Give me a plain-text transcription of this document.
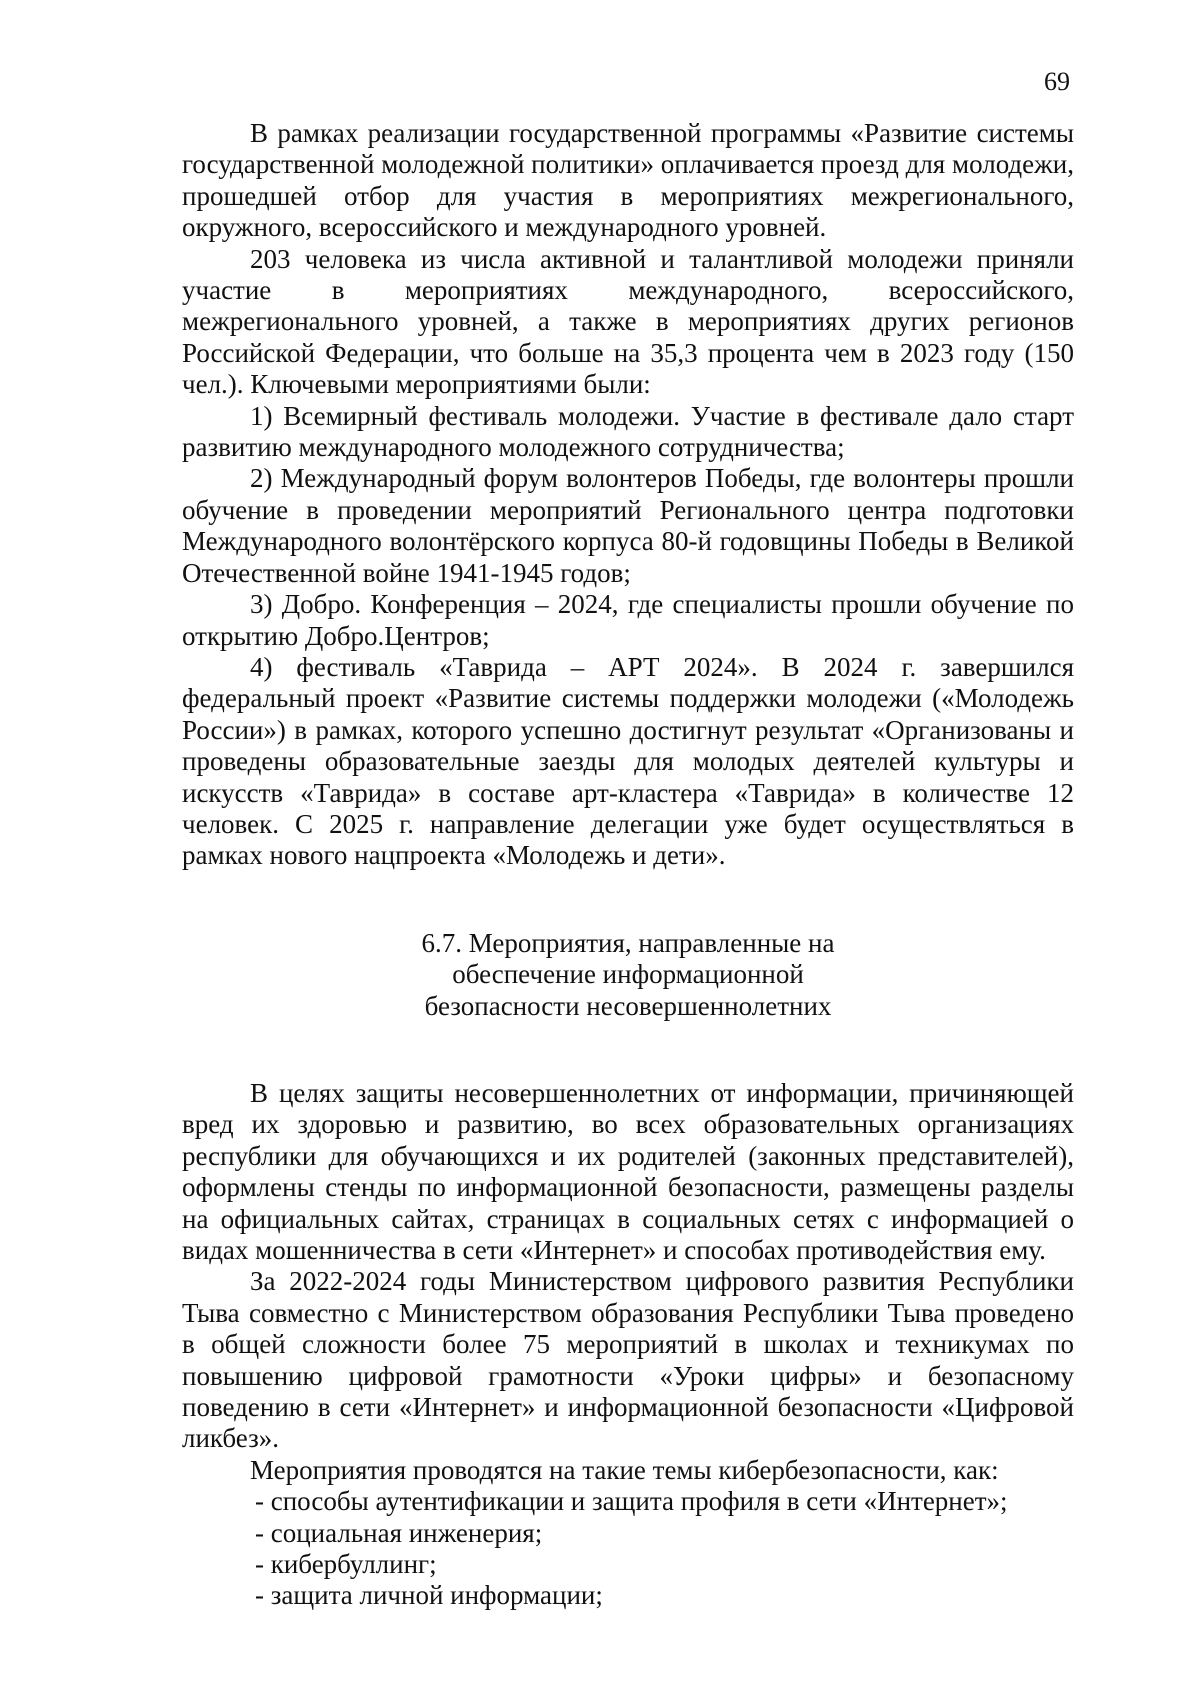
69

В рамках реализации государственной программы «Развитие системы государственной молодежной политики» оплачивается проезд для молодежи, прошедшей отбор для участия в мероприятиях межрегионального, окружного, всероссийского и международного уровней.

203 человека из числа активной и талантливой молодежи приняли участие в мероприятиях международного, всероссийского, межрегионального уровней, а также в мероприятиях других регионов Российской Федерации, что больше на 35,3 процента чем в 2023 году (150 чел.). Ключевыми мероприятиями были:

1) Всемирный фестиваль молодежи. Участие в фестивале дало старт развитию международного молодежного сотрудничества;

2) Международный форум волонтеров Победы, где волонтеры прошли обучение в проведении мероприятий Регионального центра подготовки Международного волонтёрского корпуса 80-й годовщины Победы в Великой Отечественной войне 1941-1945 годов;

3) Добро. Конференция – 2024, где специалисты прошли обучение по открытию Добро.Центров;

4) фестиваль «Таврида – АРТ 2024». В 2024 г. завершился федеральный проект «Развитие системы поддержки молодежи («Молодежь России») в рамках, которого успешно достигнут результат «Организованы и проведены образовательные заезды для молодых деятелей культуры и искусств «Таврида» в составе арт-кластера «Таврида» в количестве 12 человек. С 2025 г. направление делегации уже будет осуществляться в рамках нового нацпроекта «Молодежь и дети».

6.7. Мероприятия, направленные на
обеспечение информационной
безопасности несовершеннолетних

В целях защиты несовершеннолетних от информации, причиняющей вред их здоровью и развитию, во всех образовательных организациях республики для обучающихся и их родителей (законных представителей), оформлены стенды по информационной безопасности, размещены разделы на официальных сайтах, страницах в социальных сетях с информацией о видах мошенничества в сети «Интернет» и способах противодействия ему.

За 2022-2024 годы Министерством цифрового развития Республики Тыва совместно с Министерством образования Республики Тыва проведено в общей сложности более 75 мероприятий в школах и техникумах по повышению цифровой грамотности «Уроки цифры» и безопасному поведению в сети «Интернет» и информационной безопасности «Цифровой ликбез».

Мероприятия проводятся на такие темы кибербезопасности, как:

- способы аутентификации и защита профиля в сети «Интернет»;

- социальная инженерия;

- кибербуллинг;

- защита личной информации;
